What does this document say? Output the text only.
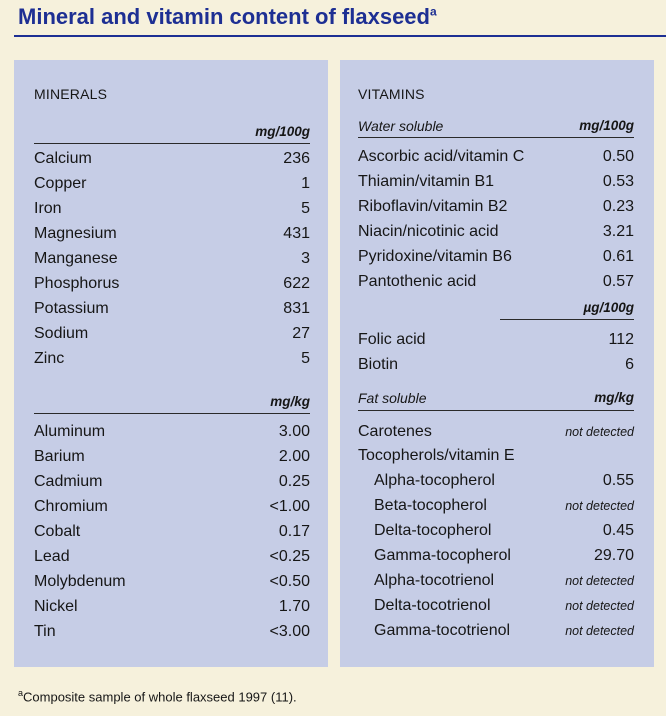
Mineral and vitamin content of flaxseed$^a$
MINERALS
mg/100g
Calcium	236
Copper	1
Iron	5
Magnesium	431
Manganese	3
Phosphorus	622
Potassium	831
Sodium	27
Zinc	5
mg/kg
Aluminum	3.00
Barium	2.00
Cadmium	0.25
Chromium	<1.00
Cobalt	0.17
Lead	<0.25
Molybdenum	<0.50
Nickel	1.70
Tin	<3.00
VITAMINS
Water soluble	mg/100g
Ascorbic acid/vitamin C	0.50
Thiamin/vitamin B1	0.53
Riboflavin/vitamin B2	0.23
Niacin/nicotinic acid	3.21
Pyridoxine/vitamin B6	0.61
Pantothenic acid	0.57
µg/100g
Folic acid	112
Biotin	6
Fat soluble	mg/kg
Carotenes	not detected
Tocopherols/vitamin E
Alpha-tocopherol	0.55
Beta-tocopherol	not detected
Delta-tocopherol	0.45
Gamma-tocopherol	29.70
Alpha-tocotrienol	not detected
Delta-tocotrienol	not detected
Gamma-tocotrienol	not detected
$^a$Composite sample of whole flaxseed 1997 (11).
